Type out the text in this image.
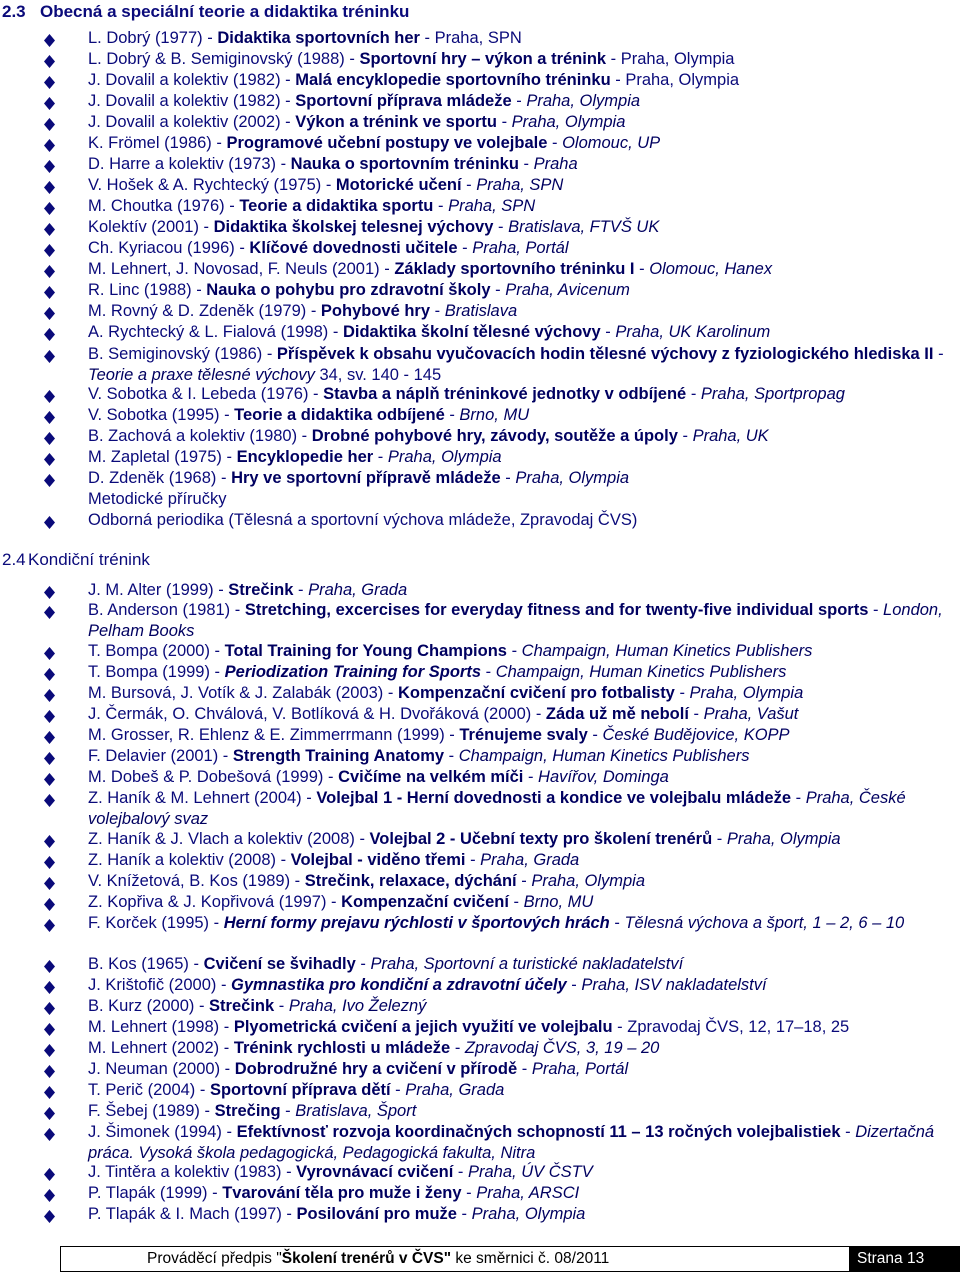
2.3 Obecná a speciální teorie a didaktika tréninku
L. Dobrý (1977) - Didaktika sportovních her - Praha, SPN
L. Dobrý & B. Semiginovský (1988) - Sportovní hry – výkon a trénink - Praha, Olympia
J. Dovalil a kolektiv (1982) - Malá encyklopedie sportovního tréninku - Praha, Olympia
J. Dovalil a kolektiv (1982) - Sportovní příprava mládeže - Praha, Olympia
J. Dovalil a kolektiv (2002) - Výkon a trénink ve sportu - Praha, Olympia
K. Frömel (1986) - Programové učební postupy ve volejbale - Olomouc, UP
D. Harre a kolektiv (1973) - Nauka o sportovním tréninku - Praha
V. Hošek & A. Rychtecký (1975) - Motorické učení - Praha, SPN
M. Choutka (1976) - Teorie a didaktika sportu - Praha, SPN
Kolektív (2001) - Didaktika školskej telesnej výchovy - Bratislava, FTVŠ UK
Ch. Kyriacou (1996) - Klíčové dovednosti učitele - Praha, Portál
M. Lehnert, J. Novosad, F. Neuls (2001) - Základy sportovního tréninku I - Olomouc, Hanex
R. Linc (1988) - Nauka o pohybu pro zdravotní školy - Praha, Avicenum
M. Rovný & D. Zdeněk (1979) - Pohybové hry - Bratislava
A. Rychtecký & L. Fialová (1998) - Didaktika školní tělesné výchovy - Praha, UK Karolinum
B. Semiginovský (1986) - Příspěvek k obsahu vyučovacích hodin tělesné výchovy z fyziologického hlediska II - Teorie a praxe tělesné výchovy 34, sv. 140 - 145
V. Sobotka & I. Lebeda (1976) - Stavba a náplň tréninkové jednotky v odbíjené - Praha, Sportpropag
V. Sobotka (1995) - Teorie a didaktika odbíjené - Brno, MU
B. Zachová a kolektiv (1980) - Drobné pohybové hry, závody, soutěže a úpoly - Praha, UK
M. Zapletal (1975) - Encyklopedie her - Praha, Olympia
D. Zdeněk (1968) - Hry ve sportovní přípravě mládeže - Praha, Olympia
Metodické příručky
Odborná periodika (Tělesná a sportovní výchova mládeže, Zpravodaj ČVS)
2.4 Kondiční trénink
J. M. Alter (1999) - Strečink - Praha, Grada
B. Anderson (1981) - Stretching, excercises for everyday fitness and for twenty-five individual sports - London, Pelham Books
T. Bompa (2000) - Total Training for Young Champions - Champaign, Human Kinetics Publishers
T. Bompa (1999) - Periodization Training for Sports - Champaign, Human Kinetics Publishers
M. Bursová, J. Votík & J. Zalabák (2003) - Kompenzační cvičení pro fotbalisty - Praha, Olympia
J. Čermák, O. Chválová, V. Botlíková & H. Dvořáková (2000) - Záda už mě nebolí - Praha, Vašut
M. Grosser, R. Ehlenz & E. Zimmerrmann (1999) - Trénujeme svaly - České Budějovice, KOPP
F. Delavier (2001) - Strength Training Anatomy - Champaign, Human Kinetics Publishers
M. Dobeš & P. Dobešová (1999) - Cvičíme na velkém míči - Havířov, Dominga
Z. Haník & M. Lehnert (2004) - Volejbal 1 - Herní dovednosti a kondice ve volejbalu mládeže - Praha, České volejbalový svaz
Z. Haník & J. Vlach a kolektiv (2008) - Volejbal 2 - Učební texty pro školení trenérů - Praha, Olympia
Z. Haník a kolektiv (2008) - Volejbal - viděno třemi - Praha, Grada
V. Knížetová, B. Kos (1989) - Strečink, relaxace, dýchání - Praha, Olympia
Z. Kopřiva & J. Kopřivová (1997) - Kompenzační cvičení - Brno, MU
F. Korček (1995) - Herní formy prejavu rýchlosti v športových hrách - Tělesná výchova a šport, 1 – 2, 6 – 10
B. Kos (1965) - Cvičení se švihadly - Praha, Sportovní a turistické nakladatelství
J. Krištofič (2000) - Gymnastika pro kondiční a zdravotní účely - Praha, ISV nakladatelství
B. Kurz (2000) - Strečink - Praha, Ivo Železný
M. Lehnert (1998) - Plyometrická cvičení a jejich využití ve volejbalu - Zpravodaj ČVS, 12, 17–18, 25
M. Lehnert (2002) - Trénink rychlosti u mládeže - Zpravodaj ČVS, 3, 19 – 20
J. Neuman (2000) - Dobrodružné hry a cvičení v přírodě - Praha, Portál
T. Perič (2004) - Sportovní příprava dětí - Praha, Grada
F. Šebej (1989) - Strečing - Bratislava, Šport
J. Šimonek (1994) - Efektívnosť rozvoja koordinačných schopností 11 – 13 ročných volejbalistiek - Dizertačná práca. Vysoká škola pedagogická, Pedagogická fakulta, Nitra
J. Tintěra a kolektiv (1983) - Vyrovnávací cvičení - Praha, ÚV ČSTV
P. Tlapák (1999) - Tvarování těla pro muže i ženy - Praha, ARSCI
P. Tlapák & I. Mach (1997) - Posilování pro muže - Praha, Olympia
Prováděcí předpis "Školení trenérů v ČVS" ke směrnici č. 08/2011	Strana 13
